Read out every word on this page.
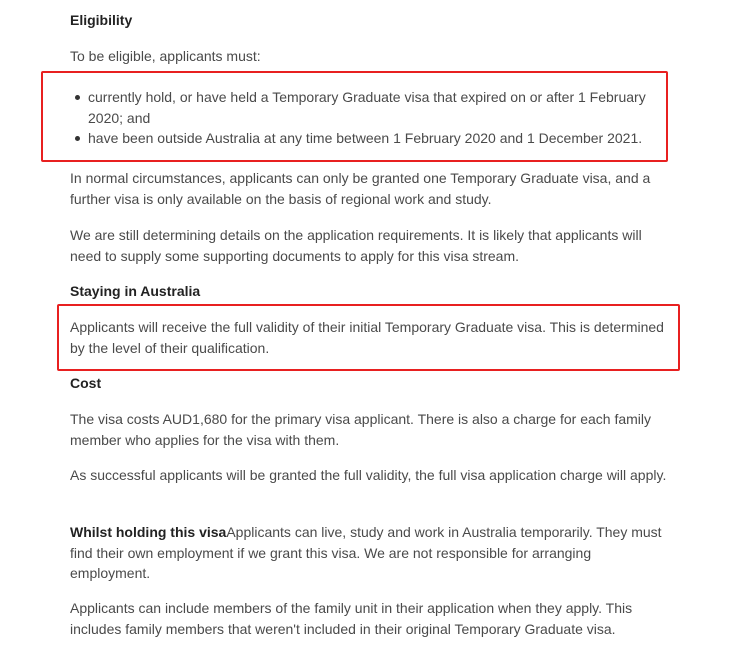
Eligibility

To be eligible, applicants must:

currently hold, or have held a Temporary Graduate visa that expired on or after 1 February 2020; and
have been outside Australia at any time between 1 February 2020 and 1 December 2021.

In normal circumstances, applicants can only be granted one Temporary Graduate visa, and a further visa is only available on the basis of regional work and study.

We are still determining details on the application requirements. It is likely that applicants will need to supply some supporting documents to apply for this visa stream.

Staying in Australia

Applicants will receive the full validity of their initial Temporary Graduate visa. This is determined by the level of their qualification.

Cost

The visa costs AUD1,680 for the primary visa applicant. There is also a charge for each family member who applies for the visa with them.

As successful applicants will be granted the full validity, the full visa application charge will apply.

Whilst holding this visaApplicants can live, study and work in Australia temporarily. They must find their own employment if we grant this visa. We are not responsible for arranging employment.

Applicants can include members of the family unit in their application when they apply. This includes family members that weren't included in their original Temporary Graduate visa.
